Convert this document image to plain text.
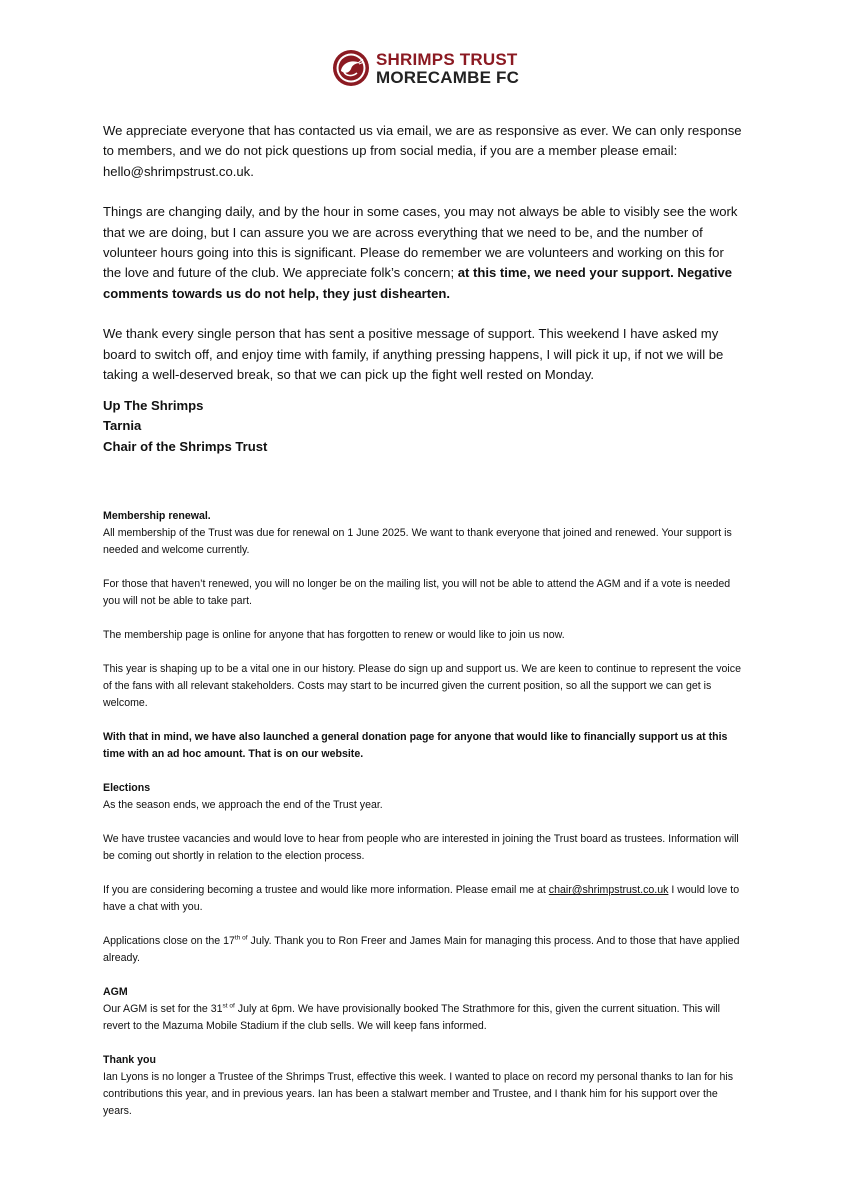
SHRIMPS TRUST
MORECAMBE FC

We appreciate everyone that has contacted us via email, we are as responsive as ever. We can only response to members, and we do not pick questions up from social media, if you are a member please email: hello@shrimpstrust.co.uk.

Things are changing daily, and by the hour in some cases, you may not always be able to visibly see the work that we are doing, but I can assure you we are across everything that we need to be, and the number of volunteer hours going into this is significant. Please do remember we are volunteers and working on this for the love and future of the club. We appreciate folk’s concern; at this time, we need your support. Negative comments towards us do not help, they just dishearten.

We thank every single person that has sent a positive message of support. This weekend I have asked my board to switch off, and enjoy time with family, if anything pressing happens, I will pick it up, if not we will be taking a well-deserved break, so that we can pick up the fight well rested on Monday.

Up The Shrimps
Tarnia
Chair of the Shrimps Trust

Membership renewal.

All membership of the Trust was due for renewal on 1 June 2025. We want to thank everyone that joined and renewed. Your support is needed and welcome currently.

For those that haven’t renewed, you will no longer be on the mailing list, you will not be able to attend the AGM and if a vote is needed you will not be able to take part.

The membership page is online for anyone that has forgotten to renew or would like to join us now.

This year is shaping up to be a vital one in our history. Please do sign up and support us. We are keen to continue to represent the voice of the fans with all relevant stakeholders. Costs may start to be incurred given the current position, so all the support we can get is welcome.

With that in mind, we have also launched a general donation page for anyone that would like to financially support us at this time with an ad hoc amount. That is on our website.

Elections

As the season ends, we approach the end of the Trust year.

We have trustee vacancies and would love to hear from people who are interested in joining the Trust board as trustees. Information will be coming out shortly in relation to the election process.

If you are considering becoming a trustee and would like more information. Please email me at chair@shrimpstrust.co.uk I would love to have a chat with you.

Applications close on the $17^{th of}$ July. Thank you to Ron Freer and James Main for managing this process. And to those that have applied already.

AGM

Our AGM is set for the $31^{st of}$ July at 6pm. We have provisionally booked The Strathmore for this, given the current situation. This will revert to the Mazuma Mobile Stadium if the club sells. We will keep fans informed.

Thank you

Ian Lyons is no longer a Trustee of the Shrimps Trust, effective this week. I wanted to place on record my personal thanks to Ian for his contributions this year, and in previous years. Ian has been a stalwart member and Trustee, and I thank him for his support over the years.
